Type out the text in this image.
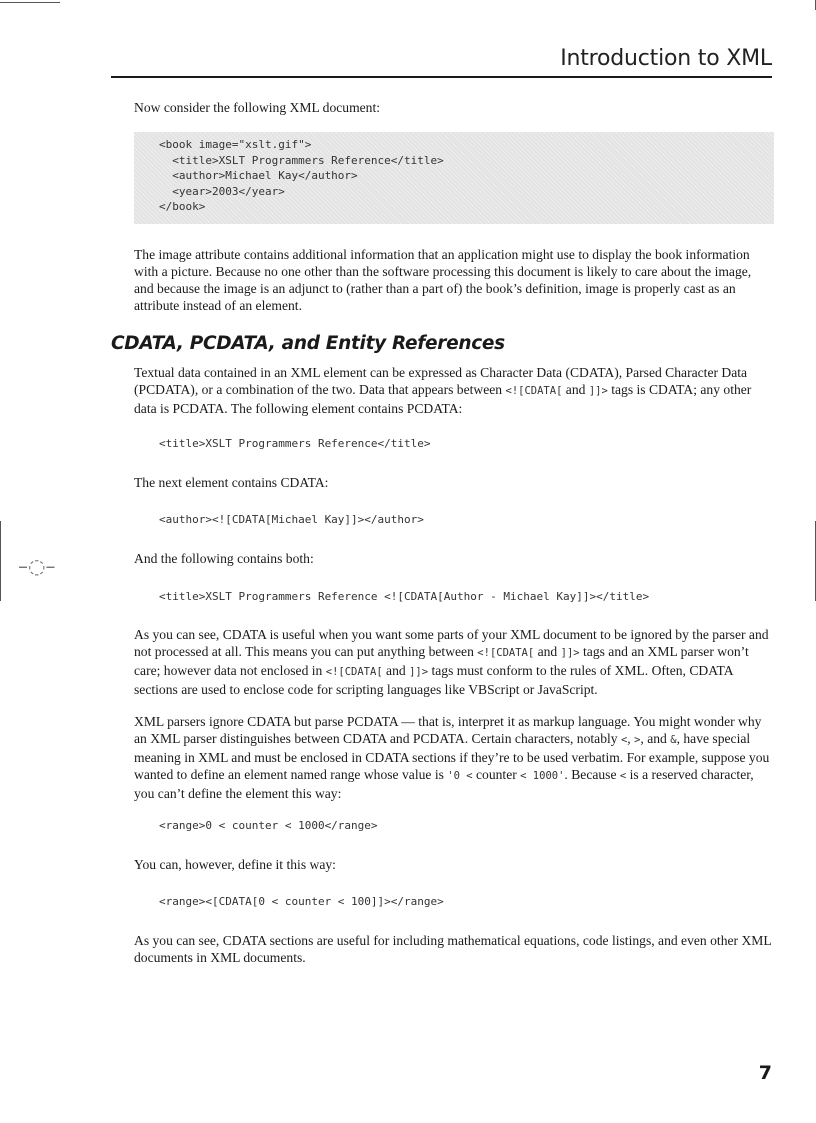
–◌–
Introduction to XML

Now consider the following XML document:

<book image="xslt.gif">
<title>XSLT Programmers Reference</title>
<author>Michael Kay</author>
<year>2003</year>
</book>

The image attribute contains additional information that an application might use to display the book information with a picture. Because no one other than the software processing this document is likely to care about the image, and because the image is an adjunct to (rather than a part of) the book’s definition, image is properly cast as an attribute instead of an element.

CDATA, PCDATA, and Entity References

Textual data contained in an XML element can be expressed as Character Data (CDATA), Parsed Character Data (PCDATA), or a combination of the two. Data that appears between <![CDATA[ and ]]> tags is CDATA; any other data is PCDATA. The following element contains PCDATA:

<title>XSLT Programmers Reference</title>

The next element contains CDATA:

<author><![CDATA[Michael Kay]]></author>

And the following contains both:

<title>XSLT Programmers Reference <![CDATA[Author - Michael Kay]]></title>

As you can see, CDATA is useful when you want some parts of your XML document to be ignored by the parser and not processed at all. This means you can put anything between <![CDATA[ and ]]> tags and an XML parser won’t care; however data not enclosed in <![CDATA[ and ]]> tags must conform to the rules of XML. Often, CDATA sections are used to enclose code for scripting languages like VBScript or JavaScript.

XML parsers ignore CDATA but parse PCDATA — that is, interpret it as markup language. You might wonder why an XML parser distinguishes between CDATA and PCDATA. Certain characters, notably <, >, and &, have special meaning in XML and must be enclosed in CDATA sections if they’re to be used verbatim. For example, suppose you wanted to define an element named range whose value is '0 < counter < 1000'. Because < is a reserved character, you can’t define the element this way:

<range>0 < counter < 1000</range>

You can, however, define it this way:

<range><[CDATA[0 < counter < 100]]></range>

As you can see, CDATA sections are useful for including mathematical equations, code listings, and even other XML documents in XML documents.

7
